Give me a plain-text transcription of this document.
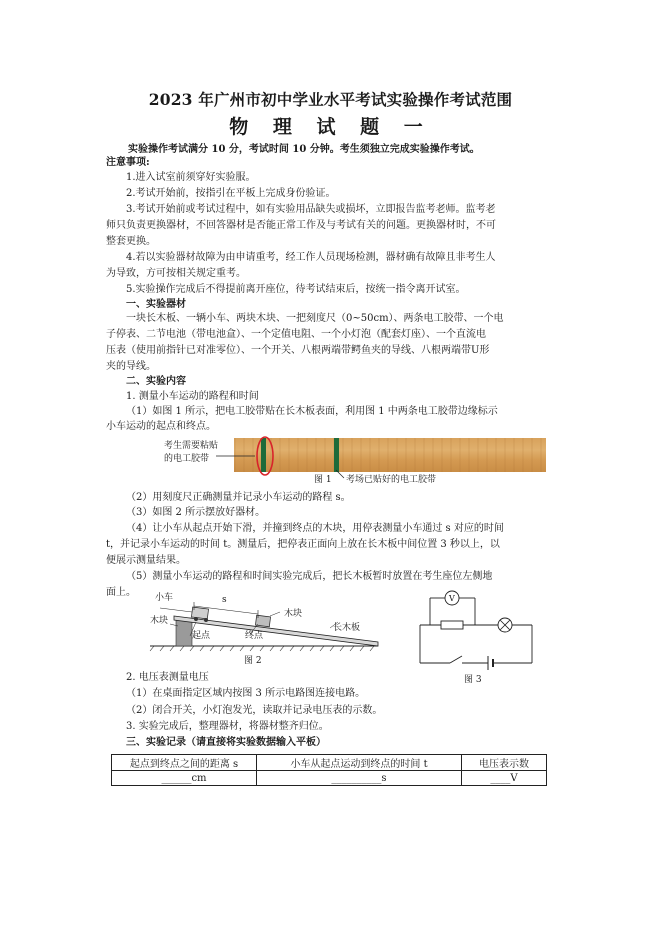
2023 年广州市初中学业水平考试实验操作考试范围
物 理 试 题 一
实验操作考试满分 10 分，考试时间 10 分钟。考生须独立完成实验操作考试。
注意事项:
1.进入试室前须穿好实验服。
2.考试开始前，按指引在平板上完成身份验证。
3.考试开始前或考试过程中，如有实验用品缺失或损坏，立即报告监考老师。监考老
师只负责更换器材，不回答器材是否能正常工作及与考试有关的问题。更换器材时，不可
整套更换。
4.若以实验器材故障为由申请重考，经工作人员现场检测，器材确有故障且非考生人
为导致，方可按相关规定重考。
5.实验操作完成后不得提前离开座位，待考试结束后，按统一指令离开试室。
一、实验器材
一块长木板、一辆小车、两块木块、一把刻度尺（0~50cm）、两条电工胶带、一个电
子停表、二节电池（带电池盒）、一个定值电阻、一个小灯泡（配套灯座）、一个直流电
压表（使用前指针已对准零位）、一个开关、八根两端带鳄鱼夹的导线、八根两端带U形
夹的导线。
二、实验内容
1. 测量小车运动的路程和时间
（1）如图 1 所示，把电工胶带贴在长木板表面，利用图 1 中两条电工胶带边缘标示
小车运动的起点和终点。
考生需要粘贴
的电工胶带
图 1	考场已贴好的电工胶带
（2）用刻度尺正确测量并记录小车运动的路程 s。
（3）如图 2 所示摆放好器材。
（4）让小车从起点开始下滑，并撞到终点的木块，用停表测量小车通过 s 对应的时间
t，并记录小车运动的时间 t。测量后，把停表正面向上放在长木板中间位置 3 秒以上，以
便展示测量结果。
（5）测量小车运动的路程和时间实验完成后，把长木板暂时放置在考生座位左侧地
面上。	小车	s
木块
木块
起点	终点
长木板
图 2
V
图 3
2. 电压表测量电压
（1）在桌面指定区域内按图 3 所示电路图连接电路。
（2）闭合开关，小灯泡发光，读取并记录电压表的示数。
3. 实验完成后，整理器材，将器材整齐归位。
三、实验记录（请直接将实验数据输入平板）
起点到终点之间的距离 s	小车从起点运动到终点的时间 t	电压表示数
______cm	__________s	____V
